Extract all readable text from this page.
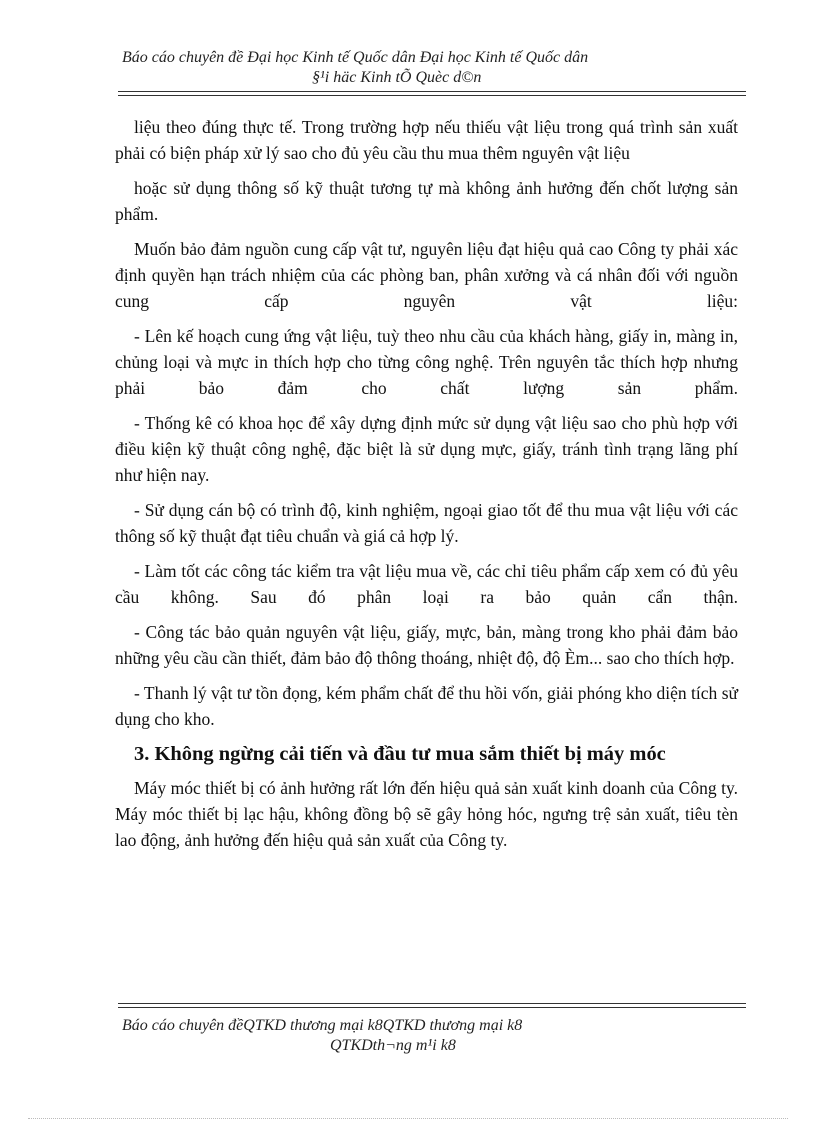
Báo cáo chuyên đề Đại học Kinh tế Quốc dân Đại học Kinh tế Quốc dân
§¹i häc Kinh tÕ Quèc d©n

liệu theo đúng thực tế. Trong trường hợp nếu thiếu vật liệu trong quá trình sản xuất phải có biện pháp xử lý sao cho đủ yêu cầu thu mua thêm nguyên vật liệu

hoặc sử dụng thông số kỹ thuật tương tự mà không ảnh hưởng đến chốt lượng sản phẩm.

Muốn bảo đảm nguồn cung cấp vật tư, nguyên liệu đạt hiệu quả cao Công ty phải xác định quyền hạn trách nhiệm của các phòng ban, phân xưởng và cá nhân đối với nguồn cung cấp nguyên vật liệu:

- Lên kế hoạch cung ứng vật liệu, tuỳ theo nhu cầu của khách hàng, giấy in, màng in, chủng loại và mực in thích hợp cho từng công nghệ. Trên nguyên tắc thích hợp nhưng phải bảo đảm cho chất lượng sản phẩm.

- Thống kê có khoa học để xây dựng định mức sử dụng vật liệu sao cho phù hợp với điều kiện kỹ thuật công nghệ, đặc biệt là sử dụng mực, giấy, tránh tình trạng lãng phí như hiện nay.

- Sử dụng cán bộ có trình độ, kinh nghiệm, ngoại giao tốt để thu mua vật liệu với các thông số kỹ thuật đạt tiêu chuẩn và giá cả hợp lý.

- Làm tốt các công tác kiểm tra vật liệu mua về, các chỉ tiêu phẩm cấp xem có đủ yêu cầu không. Sau đó phân loại ra bảo quản cẩn thận.

- Công tác bảo quản nguyên vật liệu, giấy, mực, bản, màng trong kho phải đảm bảo những yêu cầu cần thiết, đảm bảo độ thông thoáng, nhiệt độ, độ Èm... sao cho thích hợp.

- Thanh lý vật tư tồn đọng, kém phẩm chất để thu hồi vốn, giải phóng kho diện tích sử dụng cho kho.

3. Không ngừng cải tiến và đầu tư mua sắm thiết bị máy móc

Máy móc thiết bị có ảnh hưởng rất lớn đến hiệu quả sản xuất kinh doanh của Công ty. Máy móc thiết bị lạc hậu, không đồng bộ sẽ gây hỏng hóc, ngưng trệ sản xuất, tiêu tèn lao động, ảnh hưởng đến hiệu quả sản xuất của Công ty.

Báo cáo chuyên đềQTKD thương mại k8QTKD thương mại k8
QTKDth¬ng m¹i k8
